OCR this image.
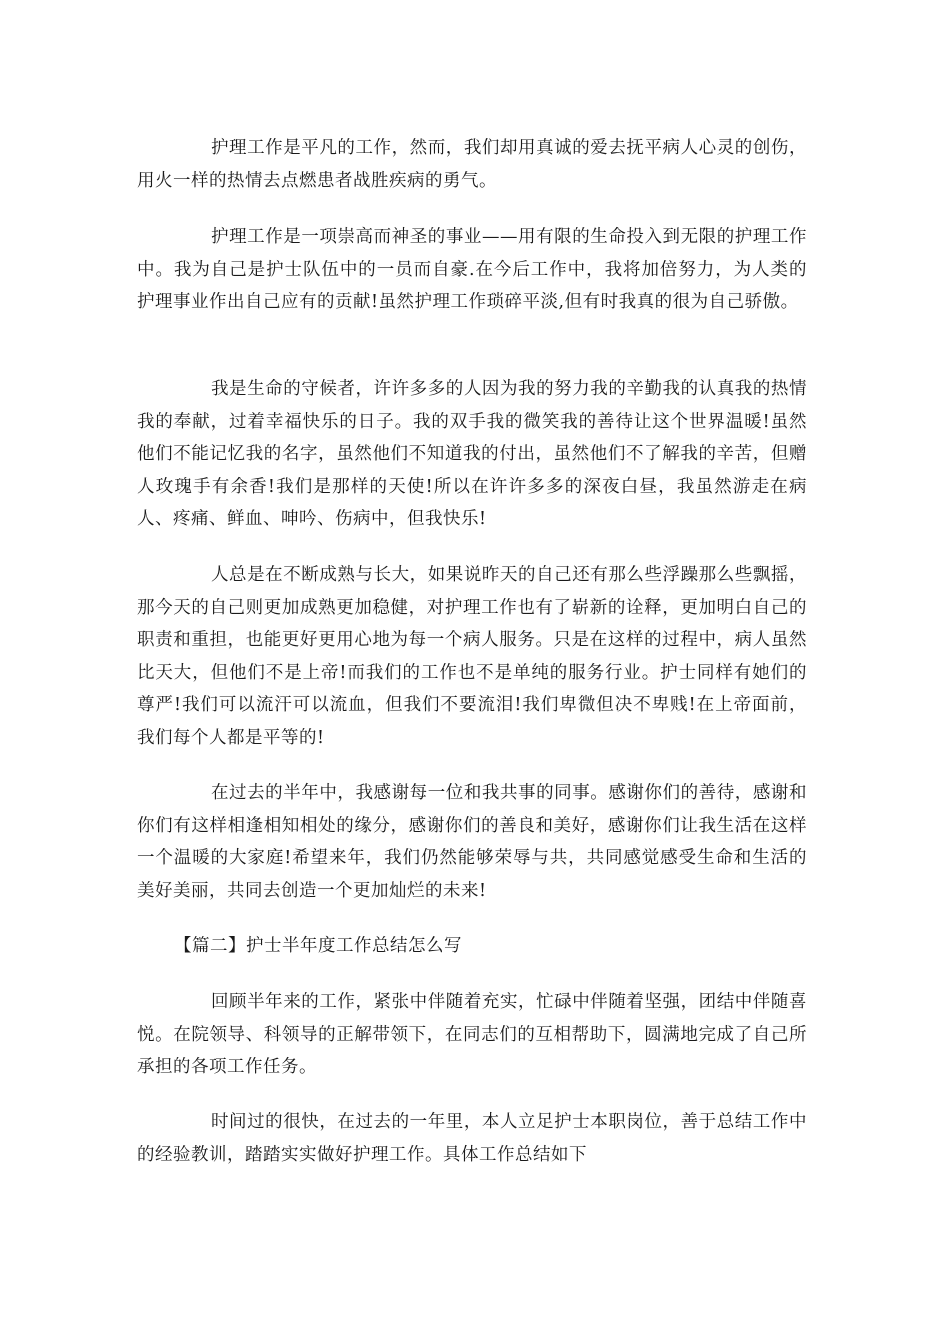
护理工作是平凡的工作，然而，我们却用真诚的爱去抚平病人心灵的创伤，用火一样的热情去点燃患者战胜疾病的勇气。

护理工作是一项崇高而神圣的事业——用有限的生命投入到无限的护理工作中。我为自己是护士队伍中的一员而自豪.在今后工作中，我将加倍努力，为人类的护理事业作出自己应有的贡献!虽然护理工作琐碎平淡,但有时我真的很为自己骄傲。

我是生命的守候者，许许多多的人因为我的努力我的辛勤我的认真我的热情我的奉献，过着幸福快乐的日子。我的双手我的微笑我的善待让这个世界温暖!虽然他们不能记忆我的名字，虽然他们不知道我的付出，虽然他们不了解我的辛苦，但赠人玫瑰手有余香!我们是那样的天使!所以在许许多多的深夜白昼，我虽然游走在病人、疼痛、鲜血、呻吟、伤病中，但我快乐!

人总是在不断成熟与长大，如果说昨天的自己还有那么些浮躁那么些飘摇，那今天的自己则更加成熟更加稳健，对护理工作也有了崭新的诠释，更加明白自己的职责和重担，也能更好更用心地为每一个病人服务。只是在这样的过程中，病人虽然比天大，但他们不是上帝!而我们的工作也不是单纯的服务行业。护士同样有她们的尊严!我们可以流汗可以流血，但我们不要流泪!我们卑微但决不卑贱!在上帝面前，我们每个人都是平等的!

在过去的半年中，我感谢每一位和我共事的同事。感谢你们的善待，感谢和你们有这样相逢相知相处的缘分，感谢你们的善良和美好，感谢你们让我生活在这样一个温暖的大家庭!希望来年，我们仍然能够荣辱与共，共同感觉感受生命和生活的美好美丽，共同去创造一个更加灿烂的未来!

【篇二】护士半年度工作总结怎么写

回顾半年来的工作，紧张中伴随着充实，忙碌中伴随着坚强，团结中伴随喜悦。在院领导、科领导的正解带领下，在同志们的互相帮助下，圆满地完成了自己所承担的各项工作任务。

时间过的很快，在过去的一年里，本人立足护士本职岗位，善于总结工作中的经验教训，踏踏实实做好护理工作。具体工作总结如下
